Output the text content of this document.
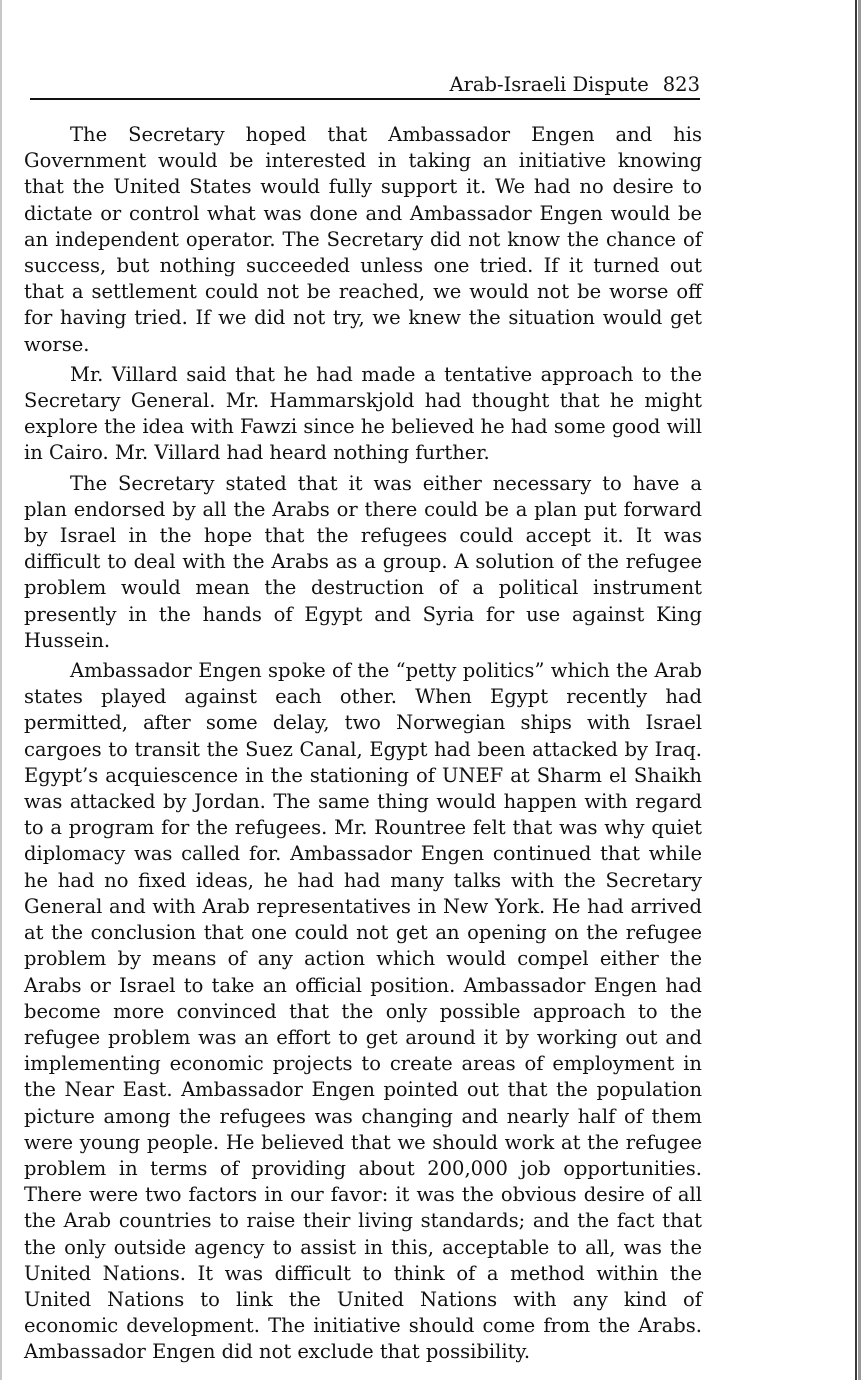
Arab-Israeli Dispute 823

The Secretary hoped that Ambassador Engen and his Government would be interested in taking an initiative knowing that the United States would fully support it. We had no desire to dictate or control what was done and Ambassador Engen would be an independent operator. The Secretary did not know the chance of success, but nothing succeeded unless one tried. If it turned out that a settlement could not be reached, we would not be worse off for having tried. If we did not try, we knew the situation would get worse.

Mr. Villard said that he had made a tentative approach to the Secretary General. Mr. Hammarskjold had thought that he might explore the idea with Fawzi since he believed he had some good will in Cairo. Mr. Villard had heard nothing further.

The Secretary stated that it was either necessary to have a plan endorsed by all the Arabs or there could be a plan put forward by Israel in the hope that the refugees could accept it. It was difficult to deal with the Arabs as a group. A solution of the refugee problem would mean the destruction of a political instrument presently in the hands of Egypt and Syria for use against King Hussein.

Ambassador Engen spoke of the “petty politics” which the Arab states played against each other. When Egypt recently had permitted, after some delay, two Norwegian ships with Israel cargoes to transit the Suez Canal, Egypt had been attacked by Iraq. Egypt’s acquiescence in the stationing of UNEF at Sharm el Shaikh was attacked by Jordan. The same thing would happen with regard to a program for the refugees. Mr. Rountree felt that was why quiet diplomacy was called for. Ambassador Engen continued that while he had no fixed ideas, he had had many talks with the Secretary General and with Arab representatives in New York. He had arrived at the conclusion that one could not get an opening on the refugee problem by means of any action which would compel either the Arabs or Israel to take an official position. Ambassador Engen had become more convinced that the only possible approach to the refugee problem was an effort to get around it by working out and implementing economic projects to create areas of employment in the Near East. Ambassador Engen pointed out that the population picture among the refugees was changing and nearly half of them were young people. He believed that we should work at the refugee problem in terms of providing about 200,000 job opportunities. There were two factors in our favor: it was the obvious desire of all the Arab countries to raise their living standards; and the fact that the only outside agency to assist in this, acceptable to all, was the United Nations. It was difficult to think of a method within the United Nations to link the United Nations with any kind of economic development. The initiative should come from the Arabs. Ambassador Engen did not exclude that possibility.
